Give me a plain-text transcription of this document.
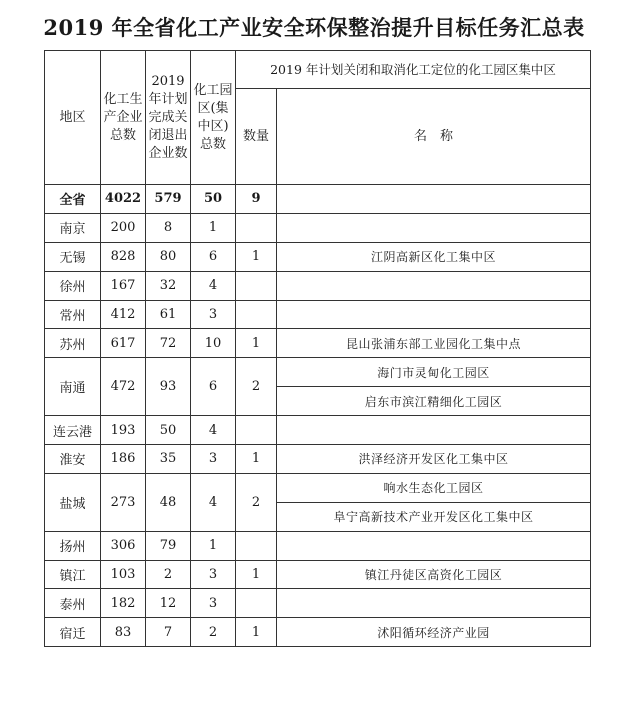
2019 年全省化工产业安全环保整治提升目标任务汇总表
地区	化工生产企业总数	2019年计划完成关闭退出企业数	化工园区(集中区)总数	2019 年计划关闭和取消化工定位的化工园区集中区	
				数量	名　称
全省	4022	579	50	9	
南京	200	8	1		
无锡	828	80	6	1	江阴高新区化工集中区
徐州	167	32	4		
常州	412	61	3		
苏州	617	72	10	1	昆山张浦东部工业园化工集中点
南通	472	93	6	2	海门市灵甸化工园区
					启东市滨江精细化工园区
连云港	193	50	4		
淮安	186	35	3	1	洪泽经济开发区化工集中区
盐城	273	48	4	2	响水生态化工园区
					阜宁高新技术产业开发区化工集中区
扬州	306	79	1		
镇江	103	2	3	1	镇江丹徒区高资化工园区
泰州	182	12	3		
宿迁	83	7	2	1	沭阳循环经济产业园
